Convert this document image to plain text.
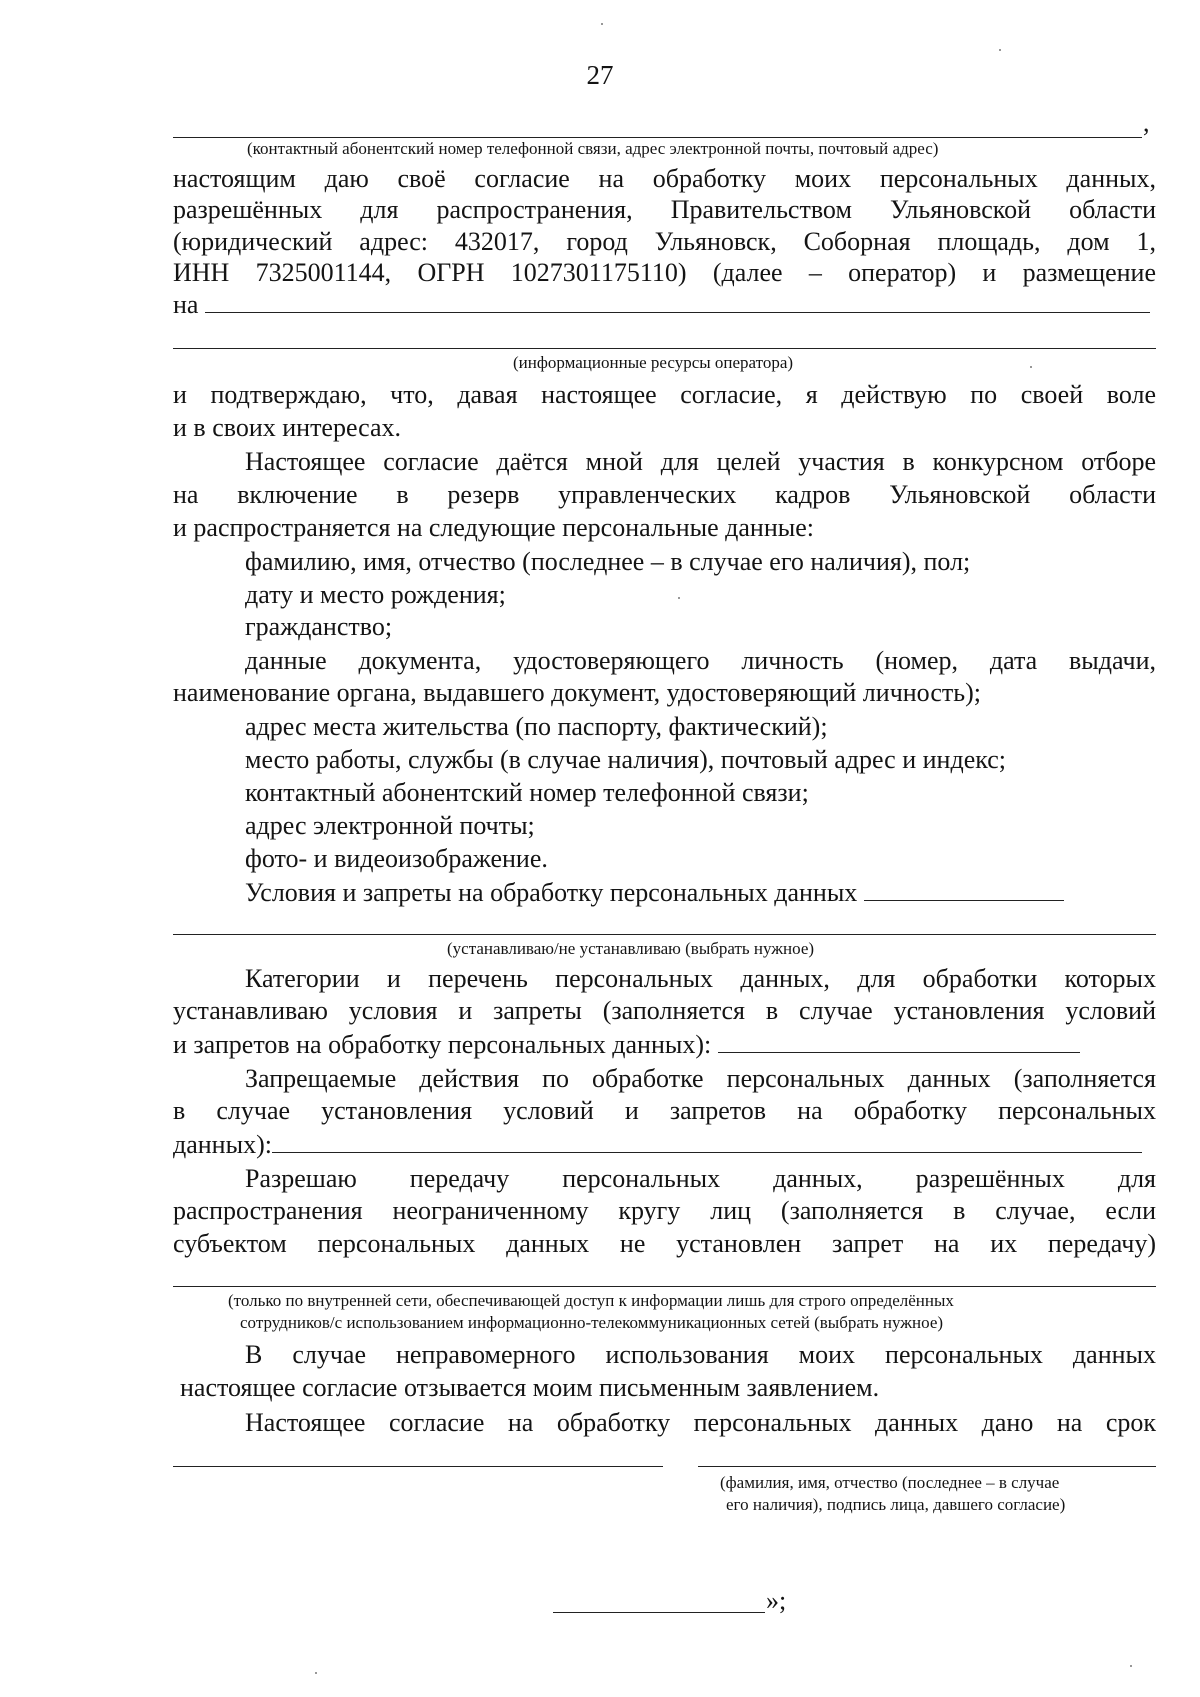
27
,
(контактный абонентский номер телефонной связи, адрес электронной почты, почтовый адрес)
настоящим даю своё согласие на обработку моих персональных данных,
разрешённых для распространения, Правительством Ульяновской области
(юридический адрес: 432017, город Ульяновск, Соборная площадь, дом 1,
ИНН 7325001144, ОГРН 1027301175110) (далее – оператор) и размещение
на
(информационные ресурсы оператора)
и подтверждаю, что, давая настоящее согласие, я действую по своей воле
и в своих интересах.
Настоящее согласие даётся мной для целей участия в конкурсном отборе
на включение в резерв управленческих кадров Ульяновской области
и распространяется на следующие персональные данные:
фамилию, имя, отчество (последнее – в случае его наличия), пол;
дату и место рождения;
гражданство;
данные документа, удостоверяющего личность (номер, дата выдачи,
наименование органа, выдавшего документ, удостоверяющий личность);
адрес места жительства (по паспорту, фактический);
место работы, службы (в случае наличия), почтовый адрес и индекс;
контактный абонентский номер телефонной связи;
адрес электронной почты;
фото- и видеоизображение.
Условия и запреты на обработку персональных данных
(устанавливаю/не устанавливаю (выбрать нужное)
Категории и перечень персональных данных, для обработки которых
устанавливаю условия и запреты (заполняется в случае установления условий
и запретов на обработку персональных данных):
Запрещаемые действия по обработке персональных данных (заполняется
в случае установления условий и запретов на обработку персональных
данных):
Разрешаю передачу персональных данных, разрешённых для
распространения неограниченному кругу лиц (заполняется в случае, если
субъектом персональных данных не установлен запрет на их передачу)
(только по внутренней сети, обеспечивающей доступ к информации лишь для строго определённых
сотрудников/с использованием информационно-телекоммуникационных сетей (выбрать нужное)
В случае неправомерного использования моих персональных данных
настоящее согласие отзывается моим письменным заявлением.
Настоящее согласие на обработку персональных данных дано на срок
(фамилия, имя, отчество (последнее – в случае
его наличия), подпись лица, давшего согласие)
»;
